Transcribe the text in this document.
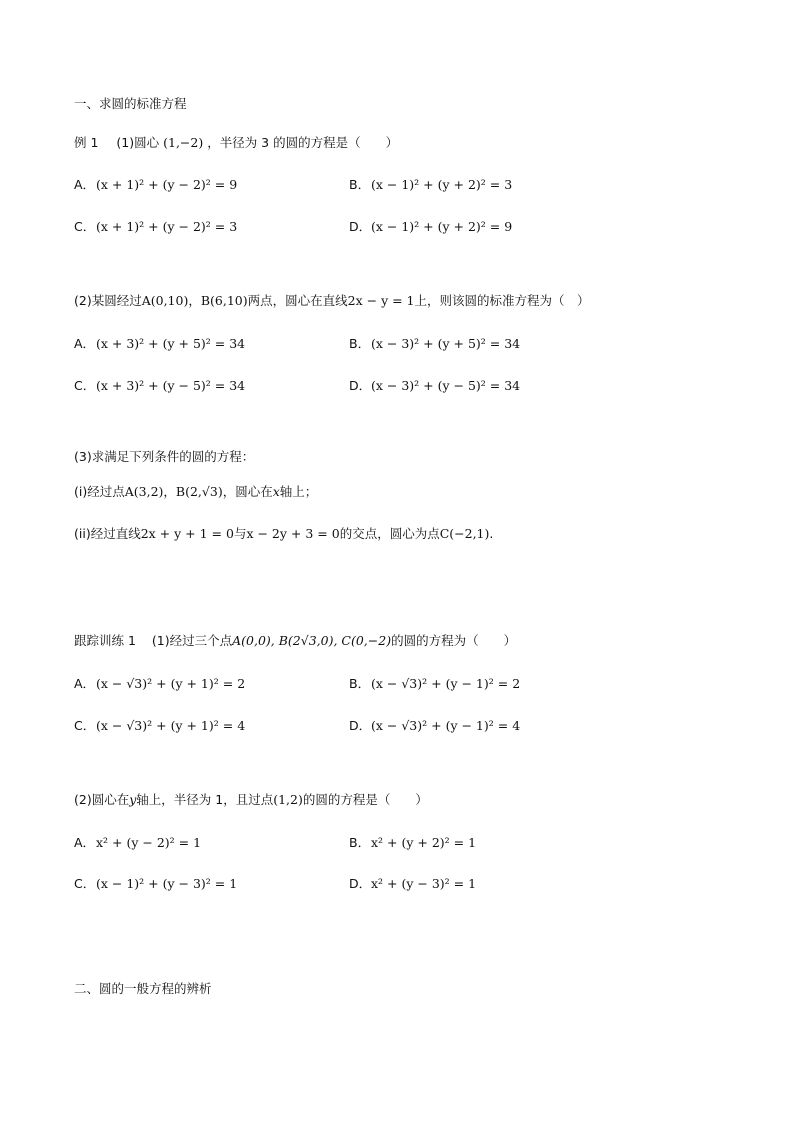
一、求圆的标准方程
例 1 (1)圆心 (1,−2) ，半径为 3 的圆的方程是（　　）
A．(x + 1)² + (y − 2)² = 9	B．(x − 1)² + (y + 2)² = 3
C．(x + 1)² + (y − 2)² = 3	D．(x − 1)² + (y + 2)² = 9
(2)某圆经过A(0,10)，B(6,10)两点，圆心在直线2x − y = 1上，则该圆的标准方程为（　）
A．(x + 3)² + (y + 5)² = 34	B．(x − 3)² + (y + 5)² = 34
C．(x + 3)² + (y − 5)² = 34	D．(x − 3)² + (y − 5)² = 34
(3)求满足下列条件的圆的方程：
(i)经过点A(3,2)，B(2,√3)，圆心在x轴上；
(ii)经过直线2x + y + 1 = 0与x − 2y + 3 = 0的交点，圆心为点C(−2,1).
跟踪训练 1 (1)经过三个点A(0,0), B(2√3,0), C(0,−2)的圆的方程为（　　）
A．(x − √3)² + (y + 1)² = 2	B．(x − √3)² + (y − 1)² = 2
C．(x − √3)² + (y + 1)² = 4	D．(x − √3)² + (y − 1)² = 4
(2)圆心在y轴上，半径为 1，且过点(1,2)的圆的方程是（　　）
A．x² + (y − 2)² = 1	B．x² + (y + 2)² = 1
C．(x − 1)² + (y − 3)² = 1	D．x² + (y − 3)² = 1
二、圆的一般方程的辨析
